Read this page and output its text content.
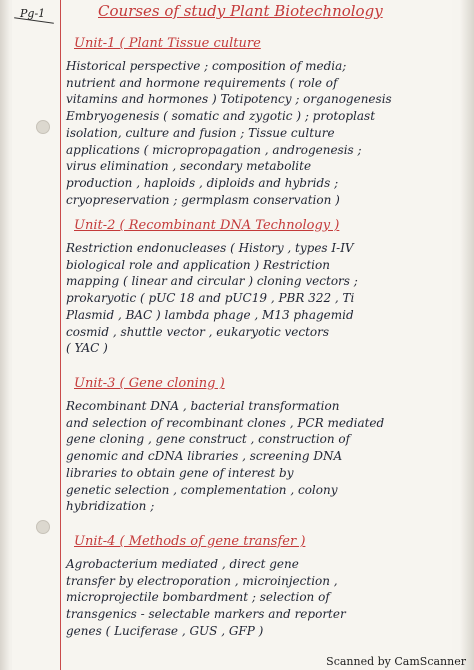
Pg-1	Courses of study Plant Biotechnology
Unit-1 ( Plant Tissue culture

Historical perspective ; composition of media;
nutrient and hormone requirements ( role of
vitamins and hormones ) Totipotency ; organogenesis
Embryogenesis ( somatic and zygotic ) ; protoplast
isolation, culture and fusion ; Tissue culture
applications ( micropropagation , androgenesis ;
virus elimination , secondary metabolite
production , haploids , diploids and hybrids ;
cryopreservation ; germplasm conservation )

Unit-2 ( Recombinant DNA Technology )

Restriction endonucleases ( History , types I-IV
biological role and application ) Restriction
mapping ( linear and circular ) cloning vectors ;
prokaryotic ( pUC 18 and pUC19 , PBR 322 , Ti
Plasmid , BAC ) lambda phage , M13 phagemid
cosmid , shuttle vector , eukaryotic vectors
( YAC )

Unit-3 ( Gene cloning )

Recombinant DNA , bacterial transformation
and selection of recombinant clones , PCR mediated
gene cloning , gene construct , construction of
genomic and cDNA libraries , screening DNA
libraries to obtain gene of interest by
genetic selection , complementation , colony
hybridization ;

Unit-4 ( Methods of gene transfer )

Agrobacterium mediated , direct gene
transfer by electroporation , microinjection ,
microprojectile bombardment ; selection of
transgenics - selectable markers and reporter
genes ( Luciferase , GUS , GFP )

Scanned by CamScanner
